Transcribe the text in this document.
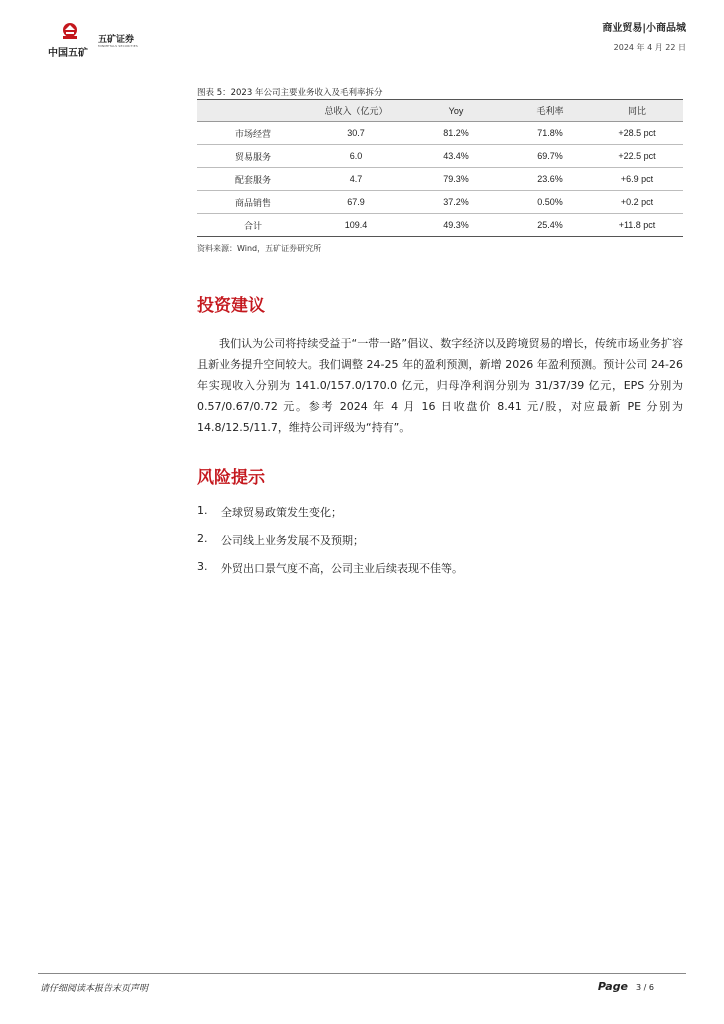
中国五矿
五矿证券
MINMETALS SECURITIES
商业贸易|小商品城
2024 年 4 月 22 日
图表 5：2023 年公司主要业务收入及毛利率拆分
	总收入（亿元）	Yoy	毛利率	同比
市场经营	30.7	81.2%	71.8%	+28.5 pct
贸易服务	6.0	43.4%	69.7%	+22.5 pct
配套服务	4.7	79.3%	23.6%	+6.9 pct
商品销售	67.9	37.2%	0.50%	+0.2 pct
合计	109.4	49.3%	25.4%	+11.8 pct
资料来源：Wind，五矿证券研究所
投资建议
我们认为公司将持续受益于“一带一路”倡议、数字经济以及跨境贸易的增长，传统市场业务扩容且新业务提升空间较大。我们调整 24-25 年的盈利预测，新增 2026 年盈利预测。预计公司 24-26 年实现收入分别为 141.0/157.0/170.0 亿元，归母净利润分别为 31/37/39 亿元，EPS 分别为 0.57/0.67/0.72 元。参考 2024 年 4 月 16 日收盘价 8.41 元/股，对应最新 PE 分别为 14.8/12.5/11.7，维持公司评级为“持有”。
风险提示
1.	全球贸易政策发生变化；
2.	公司线上业务发展不及预期；
3.	外贸出口景气度不高，公司主业后续表现不佳等。
请仔细阅读本报告末页声明	Page 3 / 6
